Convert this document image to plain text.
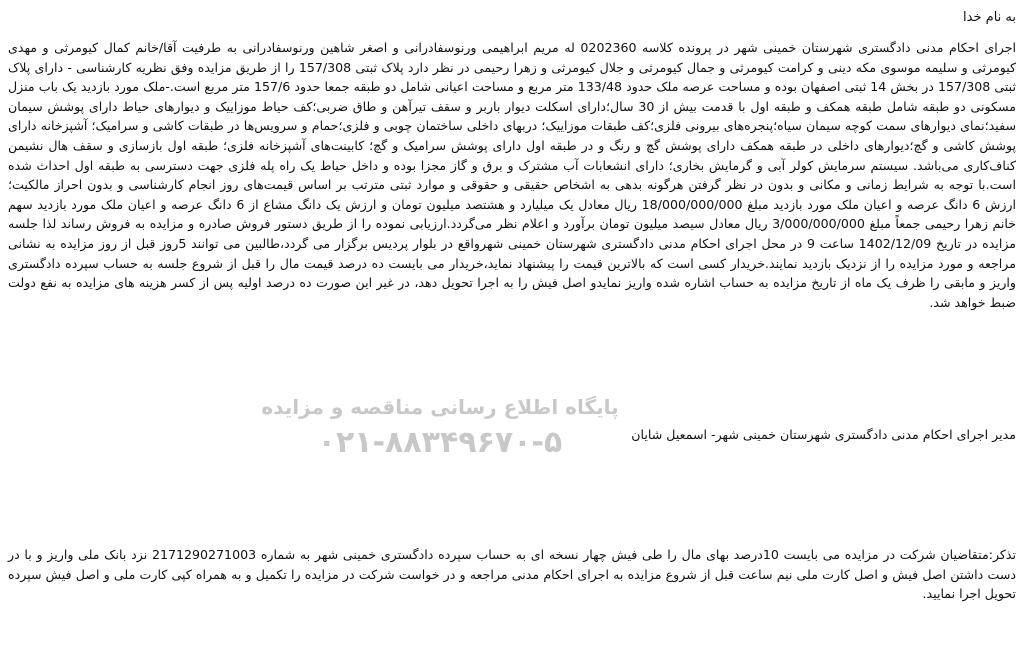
به نام خدا
اجرای احکام مدنی دادگستری شهرستان خمینی شهر در پرونده کلاسه 0202360 له مریم ابراهیمی ورنوسفادرانی و اصغر شاهین ورنوسفادرانی به طرفیت آقا/خانم کمال کیومرثی و مهدی کیومرثی و سلیمه موسوی مکه دینی و کرامت کیومرثی و جمال کیومرثی و جلال کیومرثی و زهرا رحیمی در نظر دارد پلاک ثبتی 157/308 را از طریق مزایده وفق نظریه کارشناسی - دارای پلاک ثبتی 157/308 در بخش 14 ثبتی اصفهان بوده و مساحت عرصه ملک حدود 133/48 متر مربع و مساحت اعیانی شامل دو طبقه جمعا حدود 157/6 متر مربع است.-ملک مورد بازدید یک باب منزل مسکونی دو طبقه شامل طبقه همکف و طبقه اول با قدمت بیش از 30 سال؛دارای اسکلت دیوار باربر و سقف تیرآهن و طاق ضربی؛کف حیاط موزاییک و دیوارهای حیاط دارای پوشش سیمان سفید؛نمای دیوارهای سمت کوچه سیمان سیاه؛پنجره‌های بیرونی فلزی؛کف طبقات موزاییک؛ دربهای داخلی ساختمان چوبی و فلزی؛حمام و سرویس‌ها در طبقات کاشی و سرامیک؛ آشپزخانه دارای پوشش کاشی و گچ؛دیوارهای داخلی در طبقه همکف دارای پوشش گچ و رنگ و در طبقه اول دارای پوشش سرامیک و گچ؛ کابینت‌های آشپزخانه فلزی؛ طبقه اول بازسازی و سقف هال نشیمن کناف‌کاری می‌باشد. سیستم سرمایش کولر آبی و گرمایش بخاری؛ دارای انشعابات آب مشترک و برق و گاز مجزا بوده و داخل حیاط یک راه پله فلزی جهت دسترسی به طبقه اول احداث شده است.با توجه به شرایط زمانی و مکانی و بدون در نظر گرفتن هرگونه بدهی به اشخاص حقیقی و حقوقی و موارد ثبتی مترتب بر اساس قیمت‌های روز انجام کارشناسی و بدون احراز مالکیت؛ ارزش 6 دانگ عرصه و اعیان ملک مورد بازدید مبلغ 18/000/000/000 ریال معادل یک میلیارد و هشتصد میلیون تومان و ارزش یک دانگ مشاع از 6 دانگ عرصه و اعیان ملک مورد بازدید سهم خانم زهرا رحیمی جمعاً مبلغ 3/000/000/000 ریال معادل سیصد میلیون تومان برآورد و اعلام نظر می‌گردد.ارزیابی نموده را از طریق دستور فروش صادره و مزایده به فروش رساند لذا جلسه مزایده در تاریخ 1402/12/09 ساعت 9 در محل اجرای احکام مدنی دادگستری شهرستان خمینی شهرواقع در بلوار پردیس برگزار می گردد،طالبین می توانند 5روز قبل از روز مزایده به نشانی مراجعه و مورد مزایده را از نزدیک بازدید نمایند.خریدار کسی است که بالاترین قیمت را پیشنهاد نماید،خریدار می بایست ده درصد قیمت مال را قبل از شروع جلسه به حساب سپرده دادگستری واریز و مابقی را ظرف یک ماه از تاریخ مزایده به حساب اشاره شده واریز نمایدو اصل فیش را به اجرا تحویل دهد، در غیر این صورت ده درصد اولیه پس از کسر هزینه های مزایده به نفع دولت ضبط خواهد شد.
پایگاه اطلاع رسانی مناقصه و مزایده
۰۲۱-۸۸۳۴۹۶۷۰-۵	مدیر اجرای احکام مدنی دادگستری شهرستان خمینی شهر- اسمعیل شایان
تذکر:متقاضیان شرکت در مزایده می بایست 10درصد بهای مال را طی فیش چهار نسخه ای به حساب سپرده دادگستری خمینی شهر به شماره 2171290271003 نزد بانک ملی واریز و با در دست داشتن اصل فیش و اصل کارت ملی نیم ساعت قبل از شروع مزایده به اجرای احکام مدنی مراجعه و در خواست شرکت در مزایده را تکمیل و به همراه کپی کارت ملی و اصل فیش سپرده تحویل اجرا نمایید.
